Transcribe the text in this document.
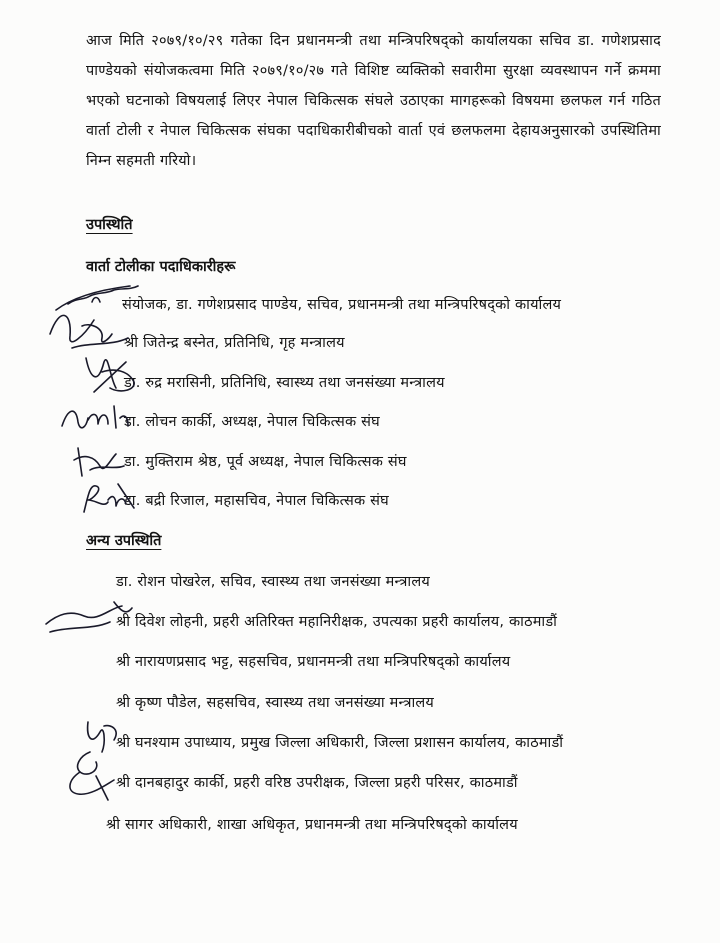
आज मिति २०७९/१०/२९ गतेका दिन प्रधानमन्त्री तथा मन्त्रिपरिषद्को कार्यालयका सचिव डा. गणेशप्रसाद पाण्डेयको संयोजकत्वमा मिति २०७९/१०/२७ गते विशिष्ट व्यक्तिको सवारीमा सुरक्षा व्यवस्थापन गर्ने क्रममा भएको घटनाको विषयलाई लिएर नेपाल चिकित्सक संघले उठाएका मागहरूको विषयमा छलफल गर्न गठित वार्ता टोली र नेपाल चिकित्सक संघका पदाधिकारीबीचको वार्ता एवं छलफलमा देहायअनुसारको उपस्थितिमा निम्न सहमती गरियो।

उपस्थिति
वार्ता टोलीका पदाधिकारीहरू
संयोजक, डा. गणेशप्रसाद पाण्डेय, सचिव, प्रधानमन्त्री तथा मन्त्रिपरिषद्को कार्यालय
श्री जितेन्द्र बस्नेत, प्रतिनिधि, गृह मन्त्रालय
डा. रुद्र मरासिनी, प्रतिनिधि, स्वास्थ्य तथा जनसंख्या मन्त्रालय
डा. लोचन कार्की, अध्यक्ष, नेपाल चिकित्सक संघ
डा. मुक्तिराम श्रेष्ठ, पूर्व अध्यक्ष, नेपाल चिकित्सक संघ
डा. बद्री रिजाल, महासचिव, नेपाल चिकित्सक संघ
अन्य उपस्थिति
डा. रोशन पोखरेल, सचिव, स्वास्थ्य तथा जनसंख्या मन्त्रालय
श्री दिवेश लोहनी, प्रहरी अतिरिक्त महानिरीक्षक, उपत्यका प्रहरी कार्यालय, काठमाडौं
श्री नारायणप्रसाद भट्ट, सहसचिव, प्रधानमन्त्री तथा मन्त्रिपरिषद्को कार्यालय
श्री कृष्ण पौडेल, सहसचिव, स्वास्थ्य तथा जनसंख्या मन्त्रालय
श्री घनश्याम उपाध्याय, प्रमुख जिल्ला अधिकारी, जिल्ला प्रशासन कार्यालय, काठमाडौं
श्री दानबहादुर कार्की, प्रहरी वरिष्ठ उपरीक्षक, जिल्ला प्रहरी परिसर, काठमाडौं
श्री सागर अधिकारी, शाखा अधिकृत, प्रधानमन्त्री तथा मन्त्रिपरिषद्को कार्यालय
